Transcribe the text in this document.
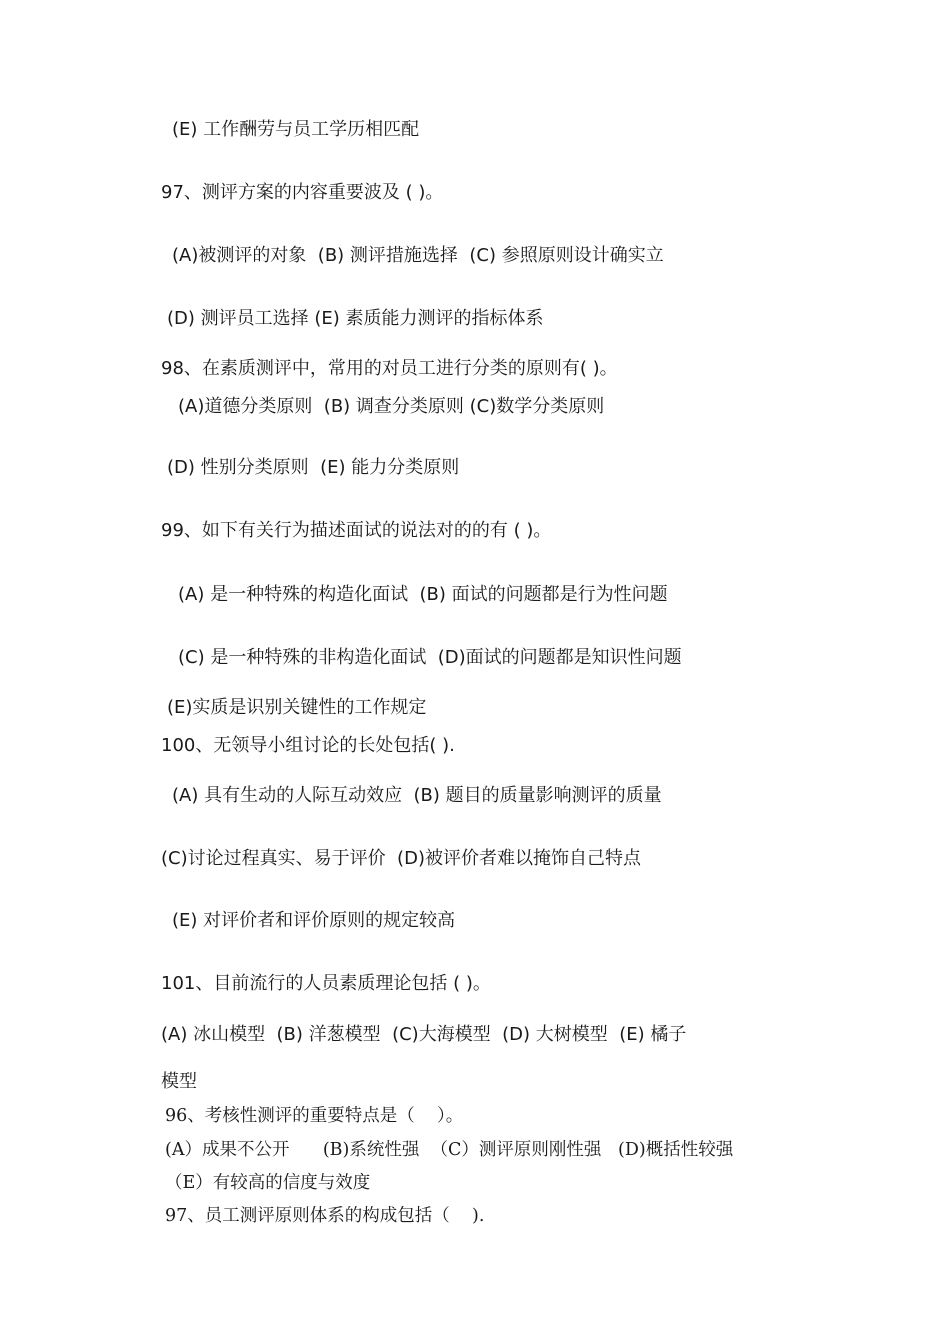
(E) 工作酬劳与员工学历相匹配
97、测评方案的内容重要波及 ( )。
(A)被测评的对象  (B) 测评措施选择  (C) 参照原则设计确实立
(D) 测评员工选择 (E) 素质能力测评的指标体系
98、在素质测评中，常用的对员工进行分类的原则有( )。
(A)道德分类原则  (B) 调查分类原则 (C)数学分类原则
(D) 性别分类原则  (E) 能力分类原则
99、如下有关行为描述面试的说法对的的有 ( )。
(A) 是一种特殊的构造化面试  (B) 面试的问题都是行为性问题
(C) 是一种特殊的非构造化面试  (D)面试的问题都是知识性问题
(E)实质是识别关键性的工作规定
100、无领导小组讨论的长处包括( ).
(A) 具有生动的人际互动效应  (B) 题目的质量影响测评的质量
(C)讨论过程真实、易于评价  (D)被评价者难以掩饰自己特点
(E) 对评价者和评价原则的规定较高
101、目前流行的人员素质理论包括 ( )。
(A) 冰山模型  (B) 洋葱模型  (C)大海模型  (D) 大树模型  (E) 橘子
模型
96、考核性测评的重要特点是（    ）。
(A）成果不公开      (B)系统性强  （C）测评原则刚性强   (D)概括性较强
（E）有较高的信度与效度
97、员工测评原则体系的构成包括（    ).
